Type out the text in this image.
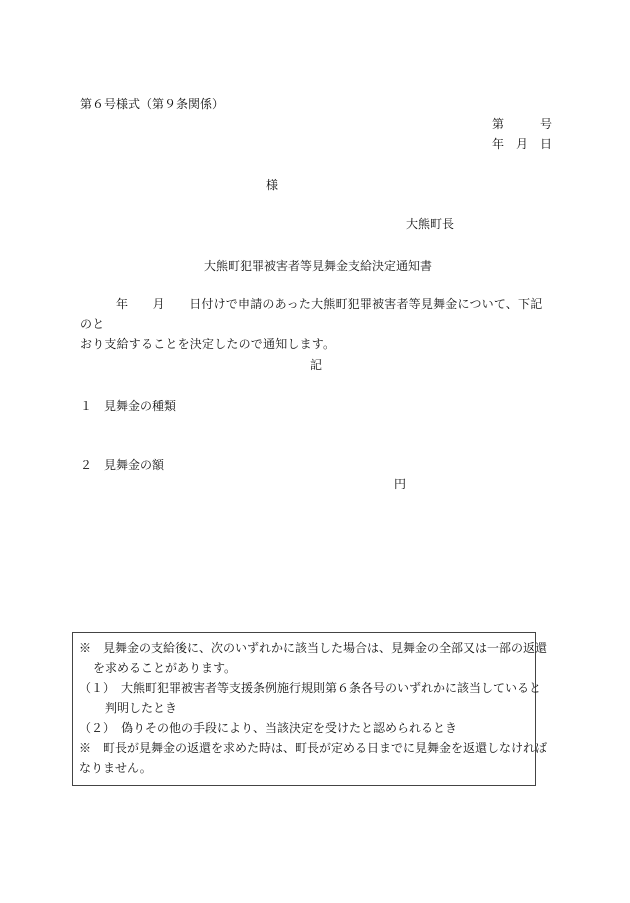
第６号様式（第９条関係）
第　　　号
年　月　日
様
大熊町長
大熊町犯罪被害者等見舞金支給決定通知書
年　　月　　日付けで申請のあった大熊町犯罪被害者等見舞金について、下記のと
おり支給することを決定したので通知します。
記
１　見舞金の種類
２　見舞金の額
円
※　見舞金の支給後に、次のいずれかに該当した場合は、見舞金の全部又は一部の返還
を求めることがあります。
（１）　大熊町犯罪被害者等支援条例施行規則第６条各号のいずれかに該当していると
判明したとき
（２）　偽りその他の手段により、当該決定を受けたと認められるとき
※　町長が見舞金の返還を求めた時は、町長が定める日までに見舞金を返還しなければ
なりません。
